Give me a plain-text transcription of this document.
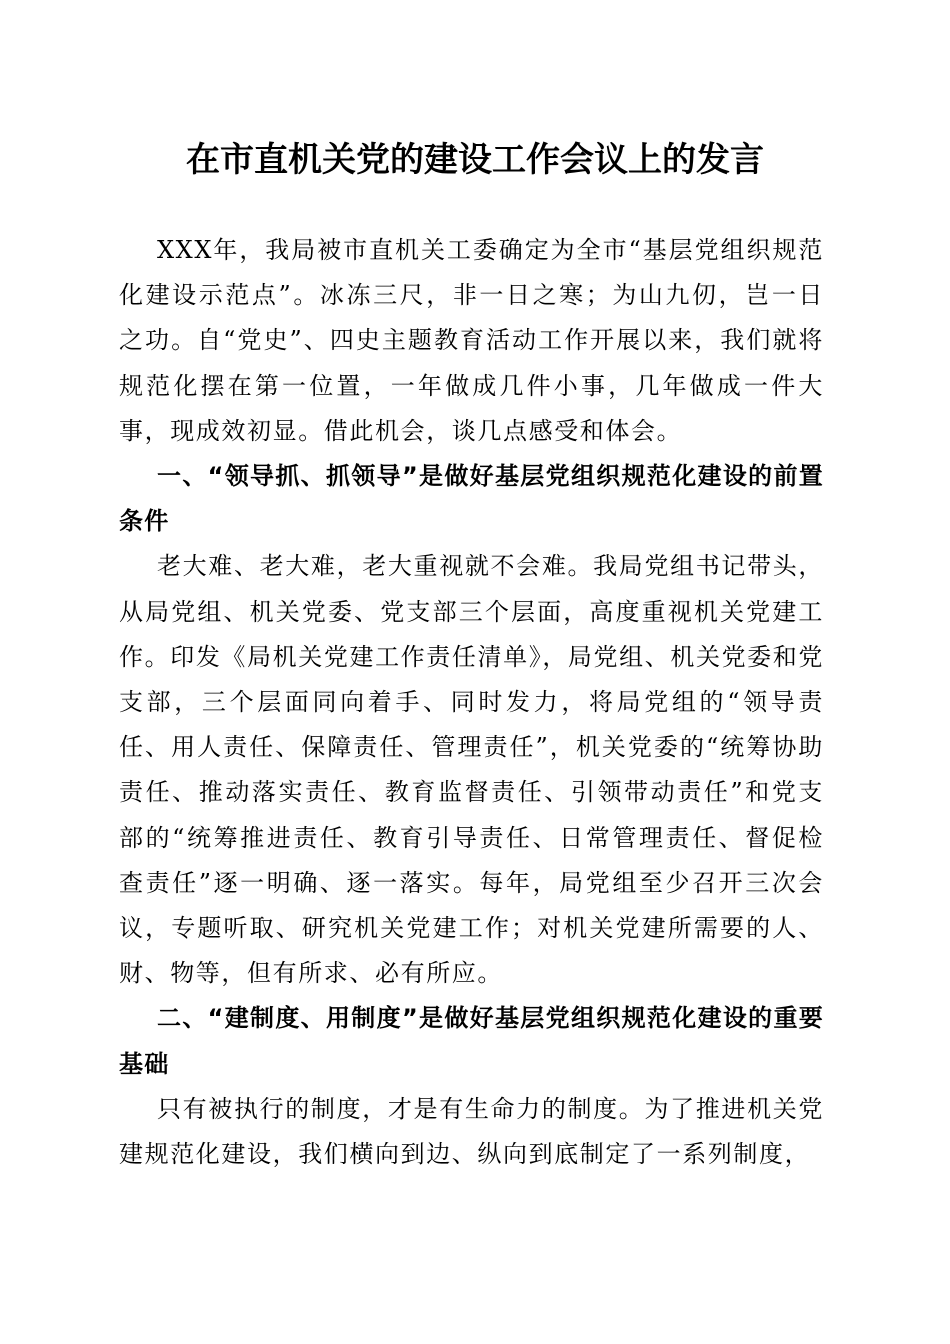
在市直机关党的建设工作会议上的发言

XXX年，我局被市直机关工委确定为全市“基层党组织规范化建设示范点”。冰冻三尺，非一日之寒；为山九仞，岂一日之功。自“党史”、四史主题教育活动工作开展以来，我们就将规范化摆在第一位置，一年做成几件小事，几年做成一件大事，现成效初显。借此机会，谈几点感受和体会。

一、“领导抓、抓领导”是做好基层党组织规范化建设的前置条件

老大难、老大难，老大重视就不会难。我局党组书记带头，从局党组、机关党委、党支部三个层面，高度重视机关党建工作。印发《局机关党建工作责任清单》，局党组、机关党委和党支部，三个层面同向着手、同时发力，将局党组的“领导责任、用人责任、保障责任、管理责任”，机关党委的“统筹协助责任、推动落实责任、教育监督责任、引领带动责任”和党支部的“统筹推进责任、教育引导责任、日常管理责任、督促检查责任”逐一明确、逐一落实。每年，局党组至少召开三次会议，专题听取、研究机关党建工作；对机关党建所需要的人、财、物等，但有所求、必有所应。

二、“建制度、用制度”是做好基层党组织规范化建设的重要基础

只有被执行的制度，才是有生命力的制度。为了推进机关党建规范化建设，我们横向到边、纵向到底制定了一系列制度，
